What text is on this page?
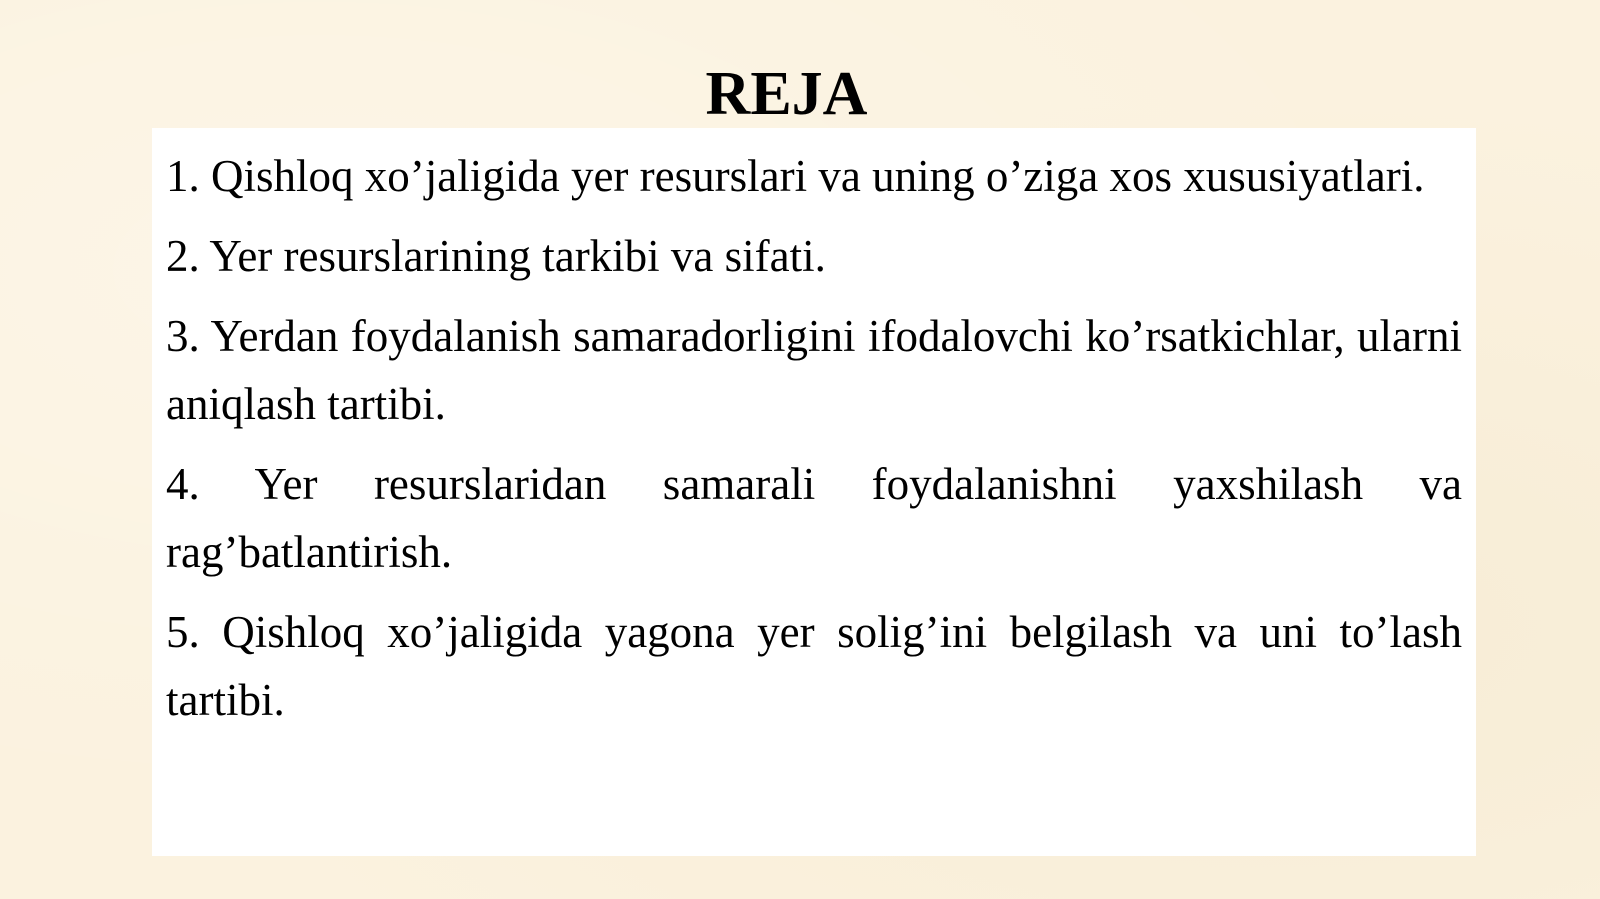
REJA
1. Qishloq xo’jaligida yer resurslari va uning o’ziga xos xususiyatlari.
2. Yer resurslarining tarkibi va sifati.
3. Yerdan foydalanish samaradorligini ifodalovchi ko’rsatkichlar, ularni aniqlash tartibi.
4. Yer resurslaridan samarali foydalanishni yaxshilash va rag’batlantirish.
5. Qishloq xo’jaligida yagona yer solig’ini belgilash va uni to’lash tartibi.
